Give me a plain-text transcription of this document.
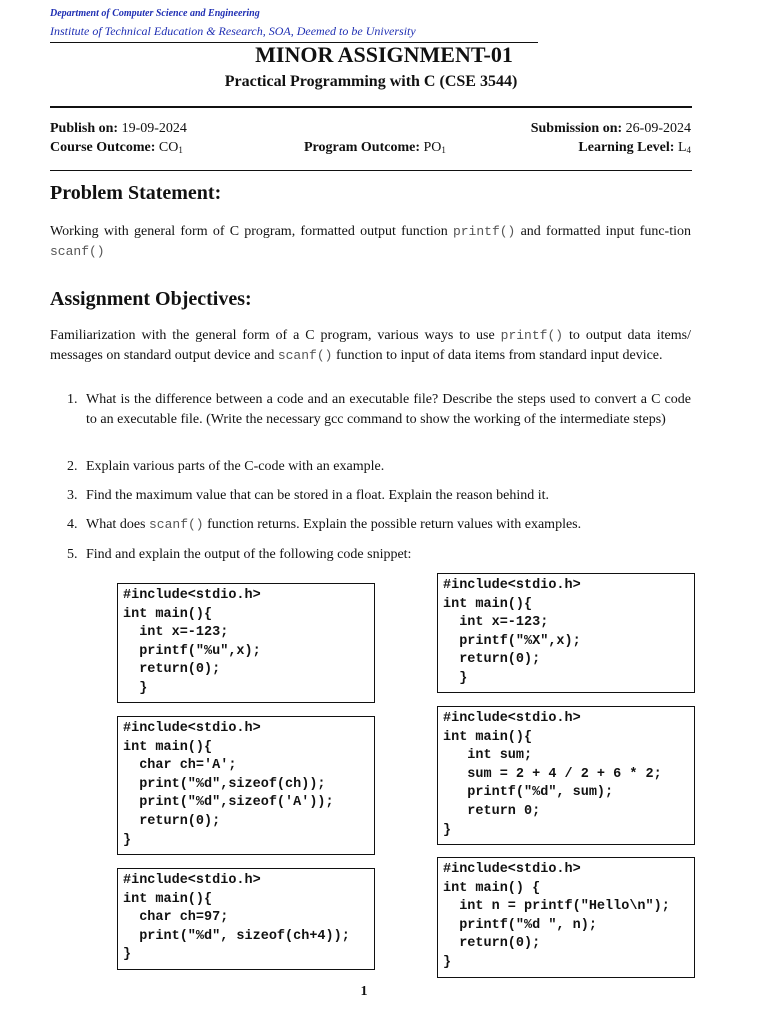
Department of Computer Science and Engineering
Institute of Technical Education & Research, SOA, Deemed to be University
MINOR ASSIGNMENT-01
Practical Programming with C (CSE 3544)
Publish on: 19-09-2024	Submission on: 26-09-2024
Course Outcome: $CO_1$	Program Outcome: $PO_1$	Learning Level: $L_4$
Problem Statement:
Working with general form of C program, formatted output function printf() and formatted input func-tion scanf()
Assignment Objectives:
Familiarization with the general form of a C program, various ways to use printf() to output data items/ messages on standard output device and scanf() function to input of data items from standard input device.
1. What is the difference between a code and an executable file? Describe the steps used to convert a C code to an executable file. (Write the necessary gcc command to show the working of the intermediate steps)
2. Explain various parts of the C-code with an example.
3. Find the maximum value that can be stored in a float. Explain the reason behind it.
4. What does scanf() function returns. Explain the possible return values with examples.
5. Find and explain the output of the following code snippet:
#include<stdio.h>
int main(){
int x=-123;
printf("%u",x);
return(0);
}
#include<stdio.h>
int main(){
int x=-123;
printf("%X",x);
return(0);
}
#include<stdio.h>
int main(){
char ch='A';
print("%d",sizeof(ch));
print("%d",sizeof('A'));
return(0);
}
#include<stdio.h>
int main(){
int sum;
sum = 2 + 4 / 2 + 6 * 2;
printf("%d", sum);
return 0;
}
#include<stdio.h>
int main(){
char ch=97;
print("%d", sizeof(ch+4));
}
#include<stdio.h>
int main() {
int n = printf("Hello\n");
printf("%d ", n);
return(0);
}
1
